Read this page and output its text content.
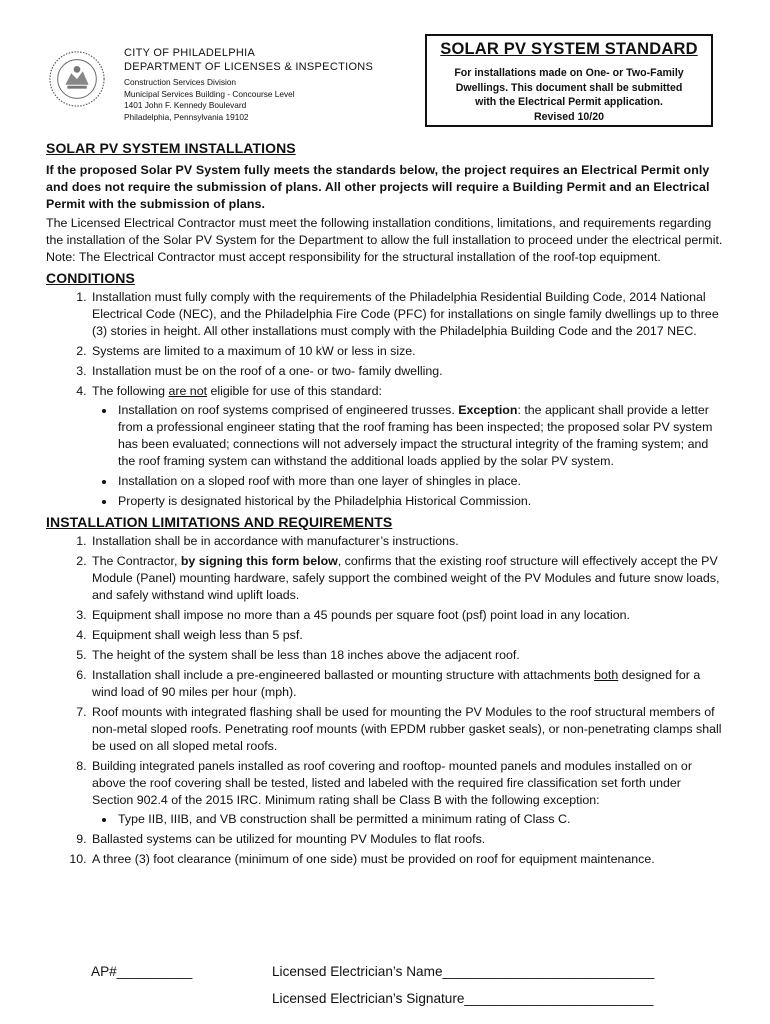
CITY OF PHILADELPHIA
DEPARTMENT OF LICENSES & INSPECTIONS
Construction Services Division
Municipal Services Building - Concourse Level
1401 John F. Kennedy Boulevard
Philadelphia, Pennsylvania 19102
SOLAR PV SYSTEM STANDARD
For installations made on One- or Two-Family
Dwellings. This document shall be submitted
with the Electrical Permit application.
Revised 10/20
SOLAR PV SYSTEM INSTALLATIONS

If the proposed Solar PV System fully meets the standards below, the project requires an Electrical Permit only and does not require the submission of plans. All other projects will require a Building Permit and an Electrical Permit with the submission of plans.

The Licensed Electrical Contractor must meet the following installation conditions, limitations, and requirements regarding the installation of the Solar PV System for the Department to allow the full installation to proceed under the electrical permit. Note: The Electrical Contractor must accept responsibility for the structural installation of the roof-top equipment.

CONDITIONS
1. Installation must fully comply with the requirements of the Philadelphia Residential Building Code, 2014 National Electrical Code (NEC), and the Philadelphia Fire Code (PFC) for installations on single family dwellings up to three (3) stories in height. All other installations must comply with the Philadelphia Building Code and the 2017 NEC.
2. Systems are limited to a maximum of 10 kW or less in size.
3. Installation must be on the roof of a one- or two- family dwelling.
4. The following are not eligible for use of this standard:
• Installation on roof systems comprised of engineered trusses. Exception: the applicant shall provide a letter from a professional engineer stating that the roof framing has been inspected; the proposed solar PV system has been evaluated; connections will not adversely impact the structural integrity of the framing system; and the roof framing system can withstand the additional loads applied by the solar PV system.
• Installation on a sloped roof with more than one layer of shingles in place.
• Property is designated historical by the Philadelphia Historical Commission.
INSTALLATION LIMITATIONS AND REQUIREMENTS
1. Installation shall be in accordance with manufacturer’s instructions.
2. The Contractor, by signing this form below, confirms that the existing roof structure will effectively accept the PV Module (Panel) mounting hardware, safely support the combined weight of the PV Modules and future snow loads, and safely withstand wind uplift loads.
3. Equipment shall impose no more than a 45 pounds per square foot (psf) point load in any location.
4. Equipment shall weigh less than 5 psf.
5. The height of the system shall be less than 18 inches above the adjacent roof.
6. Installation shall include a pre-engineered ballasted or mounting structure with attachments both designed for a wind load of 90 miles per hour (mph).
7. Roof mounts with integrated flashing shall be used for mounting the PV Modules to the roof structural members of non-metal sloped roofs. Penetrating roof mounts (with EPDM rubber gasket seals), or non-penetrating clamps shall be used on all sloped metal roofs.
8. Building integrated panels installed as roof covering and rooftop- mounted panels and modules installed on or above the roof covering shall be tested, listed and labeled with the required fire classification set forth under Section 902.4 of the 2015 IRC. Minimum rating shall be Class B with the following exception:
• Type IIB, IIIB, and VB construction shall be permitted a minimum rating of Class C.
9. Ballasted systems can be utilized for mounting PV Modules to flat roofs.
10. A three (3) foot clearance (minimum of one side) must be provided on roof for equipment maintenance.
AP#__________	Licensed Electrician’s Name____________________________
Licensed Electrician’s Signature_________________________
